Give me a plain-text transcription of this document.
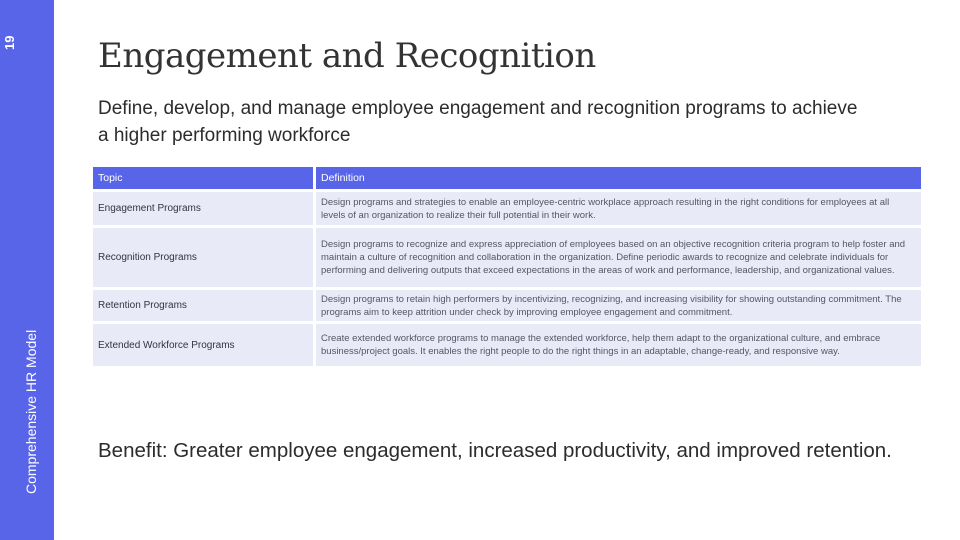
19
Comprehensive HR Model
Engagement and Recognition

Define, develop, and manage employee engagement and recognition programs to achieve a higher performing workforce

Topic	Definition
Engagement Programs	Design programs and strategies to enable an employee-centric workplace approach resulting in the right conditions for employees at all levels of an organization to realize their full potential in their work.
Recognition Programs	Design programs to recognize and express appreciation of employees based on an objective recognition criteria program to help foster and maintain a culture of recognition and collaboration in the organization. Define periodic awards to recognize and celebrate individuals for performing and delivering outputs that exceed expectations in the areas of work and performance, leadership, and organizational values.
Retention Programs	Design programs to retain high performers by incentivizing, recognizing, and increasing visibility for showing outstanding commitment. The programs aim to keep attrition under check by improving employee engagement and commitment.
Extended Workforce Programs	Create extended workforce programs to manage the extended workforce, help them adapt to the organizational culture, and embrace business/project goals. It enables the right people to do the right things in an adaptable, change-ready, and responsive way.

Benefit: Greater employee engagement, increased productivity, and improved retention.
